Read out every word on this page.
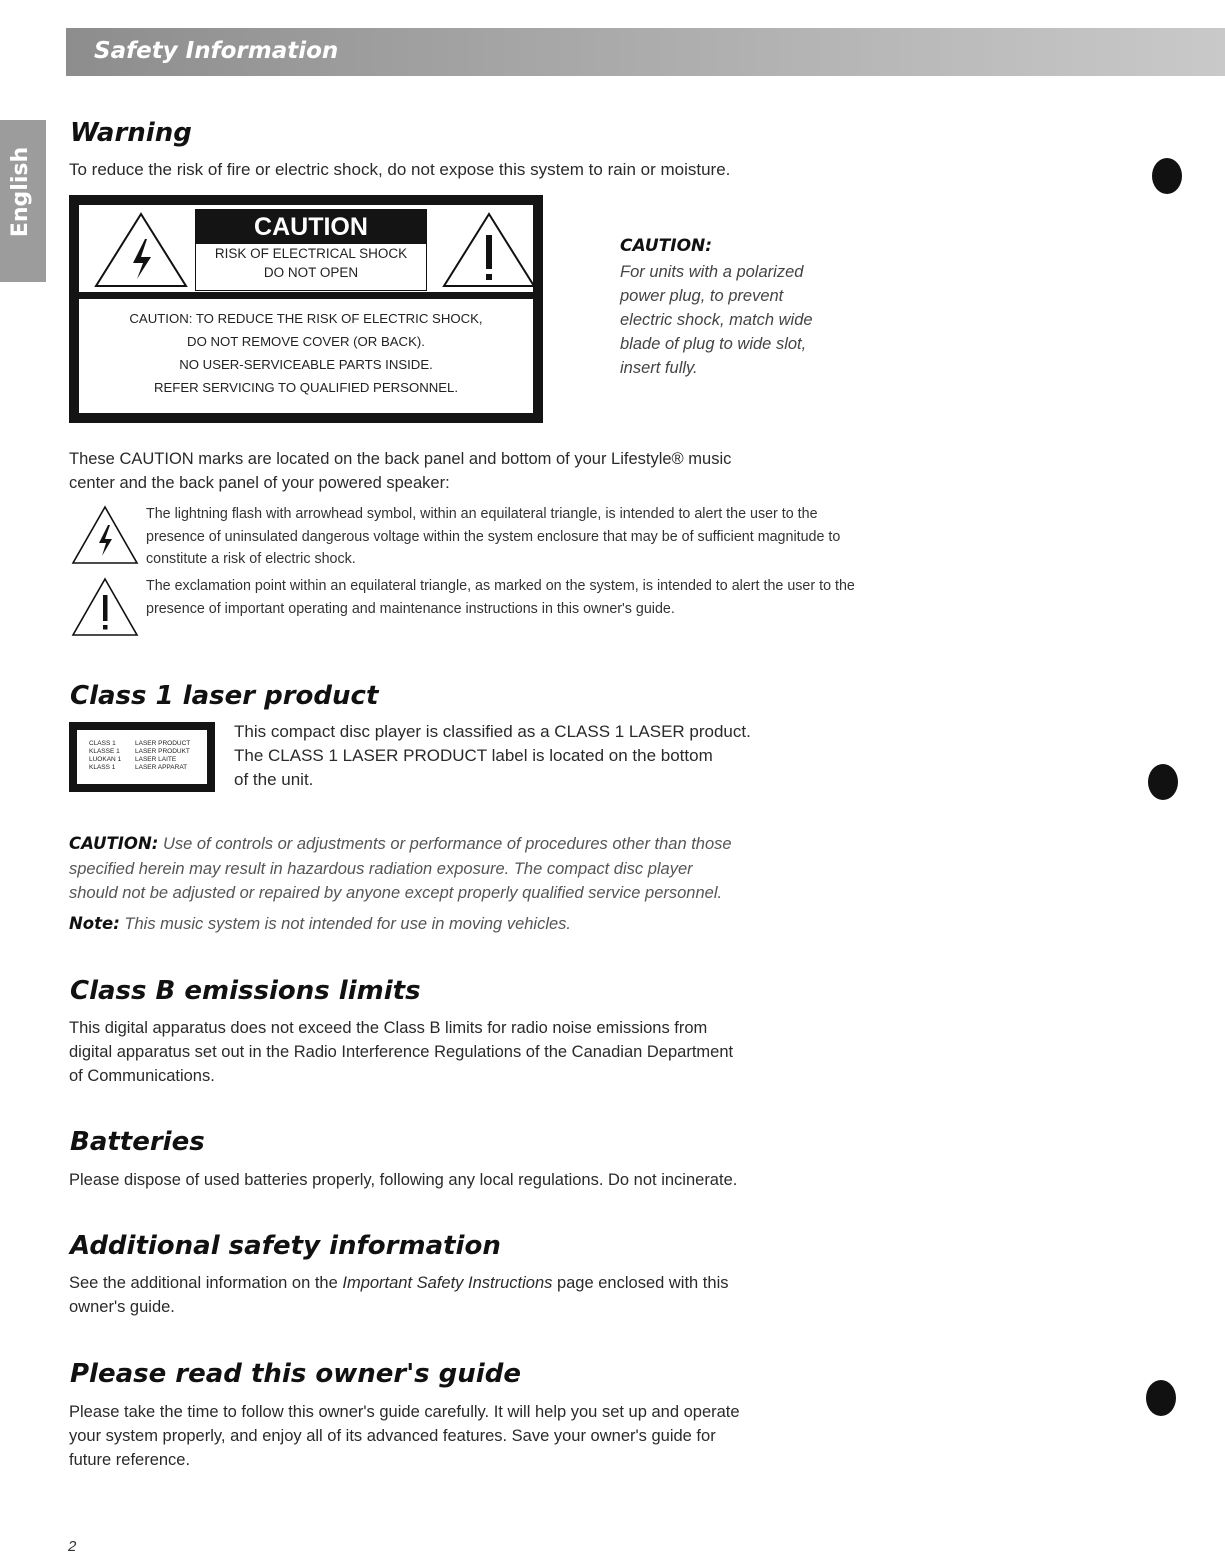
Safety Information
English
Warning

To reduce the risk of fire or electric shock, do not expose this system to rain or moisture.

CAUTION
RISK OF ELECTRICAL SHOCK
DO NOT OPEN
CAUTION: TO REDUCE THE RISK OF ELECTRIC SHOCK,
DO NOT REMOVE COVER (OR BACK).
NO USER-SERVICEABLE PARTS INSIDE.
REFER SERVICING TO QUALIFIED PERSONNEL.
CAUTION:
For units with a polarized
power plug, to prevent
electric shock, match wide
blade of plug to wide slot,
insert fully.

These CAUTION marks are located on the back panel and bottom of your Lifestyle® music

center and the back panel of your powered speaker:

The lightning flash with arrowhead symbol, within an equilateral triangle, is intended to alert the user to the presence of uninsulated dangerous voltage within the system enclosure that may be of sufficient magnitude to constitute a risk of electric shock.
The exclamation point within an equilateral triangle, as marked on the system, is intended to alert the user to the presence of important operating and maintenance instructions in this owner's guide.
Class 1 laser product
CLASS 1	LASER PRODUCT
KLASSE 1 LASER PRODUKT
LUOKAN 1 LASER LAITE
KLASS 1	LASER APPARAT
This compact disc player is classified as a CLASS 1 LASER product.
The CLASS 1 LASER PRODUCT label is located on the bottom
of the unit.
CAUTION: Use of controls or adjustments or performance of procedures other than those
specified herein may result in hazardous radiation exposure. The compact disc player
should not be adjusted or repaired by anyone except properly qualified service personnel.
Note: This music system is not intended for use in moving vehicles.
Class B emissions limits
This digital apparatus does not exceed the Class B limits for radio noise emissions from
digital apparatus set out in the Radio Interference Regulations of the Canadian Department
of Communications.
Batteries

Please dispose of used batteries properly, following any local regulations. Do not incinerate.

Additional safety information
See the additional information on the Important Safety Instructions page enclosed with this
owner's guide.
Please read this owner's guide
Please take the time to follow this owner's guide carefully. It will help you set up and operate
your system properly, and enjoy all of its advanced features. Save your owner's guide for
future reference.
2
